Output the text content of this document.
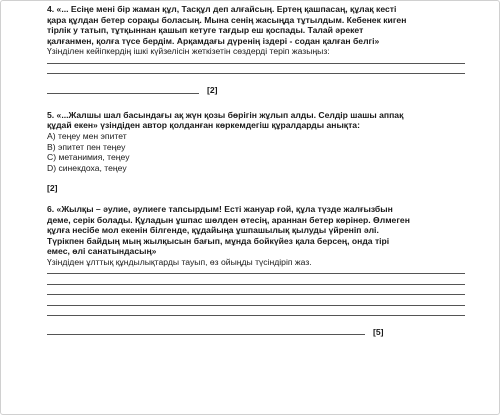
4. «... Есіңе мені бір жаман құл, Тасқұл деп алғайсың. Ертең қашпасаң, құлақ кесті

қара құлдан бетер сорақы боласың. Мына сенің жасыңда тұтылдым. Кебенек киген

тірлік у татып, тұтқыннан қашып кетуге тағдыр еш қоспады. Талай әрекет

қалғанмен, қолға түсе бердім. Арқамдағы дүренің іздері - содан қалған белгі»

Үзінділен кейіпкердің ішкі күйзелісін жеткізетін сөздерді теріп жазыңыз:

[2]

5. «...Жалшы шал басындағы ақ жүн қозы бөрігін жұлып алды. Селдір шашы аппақ

құдай екен» үзіндіден автор қолданған көркемдегіш құралдарды анықта:

А) теңеу мен эпитет

В) эпитет пен теңеу

С) метанимия, теңеу

D) синекдоха, теңеу

[2]

6. «Жылқы – әулие, әулиеге тапсырдым! Есті жануар ғой, құла түзде жалғызбын

деме, серік болады. Құладын ұшпас шөлден өтесің, араннан бетер көрінер. Өлмеген

құлға несібе мол екенін білгенде, құдайыңа ұшпашылық қылуды үйреніп әлі.

Түрікпен байдың мың жылқысын бағып, мұнда бойкүйез қала берсең, онда тірі

емес, өлі санатындасың»

Үзіндіден ұлттық құндылықтарды тауып, өз ойыңды түсіндіріп жаз.

[5]
